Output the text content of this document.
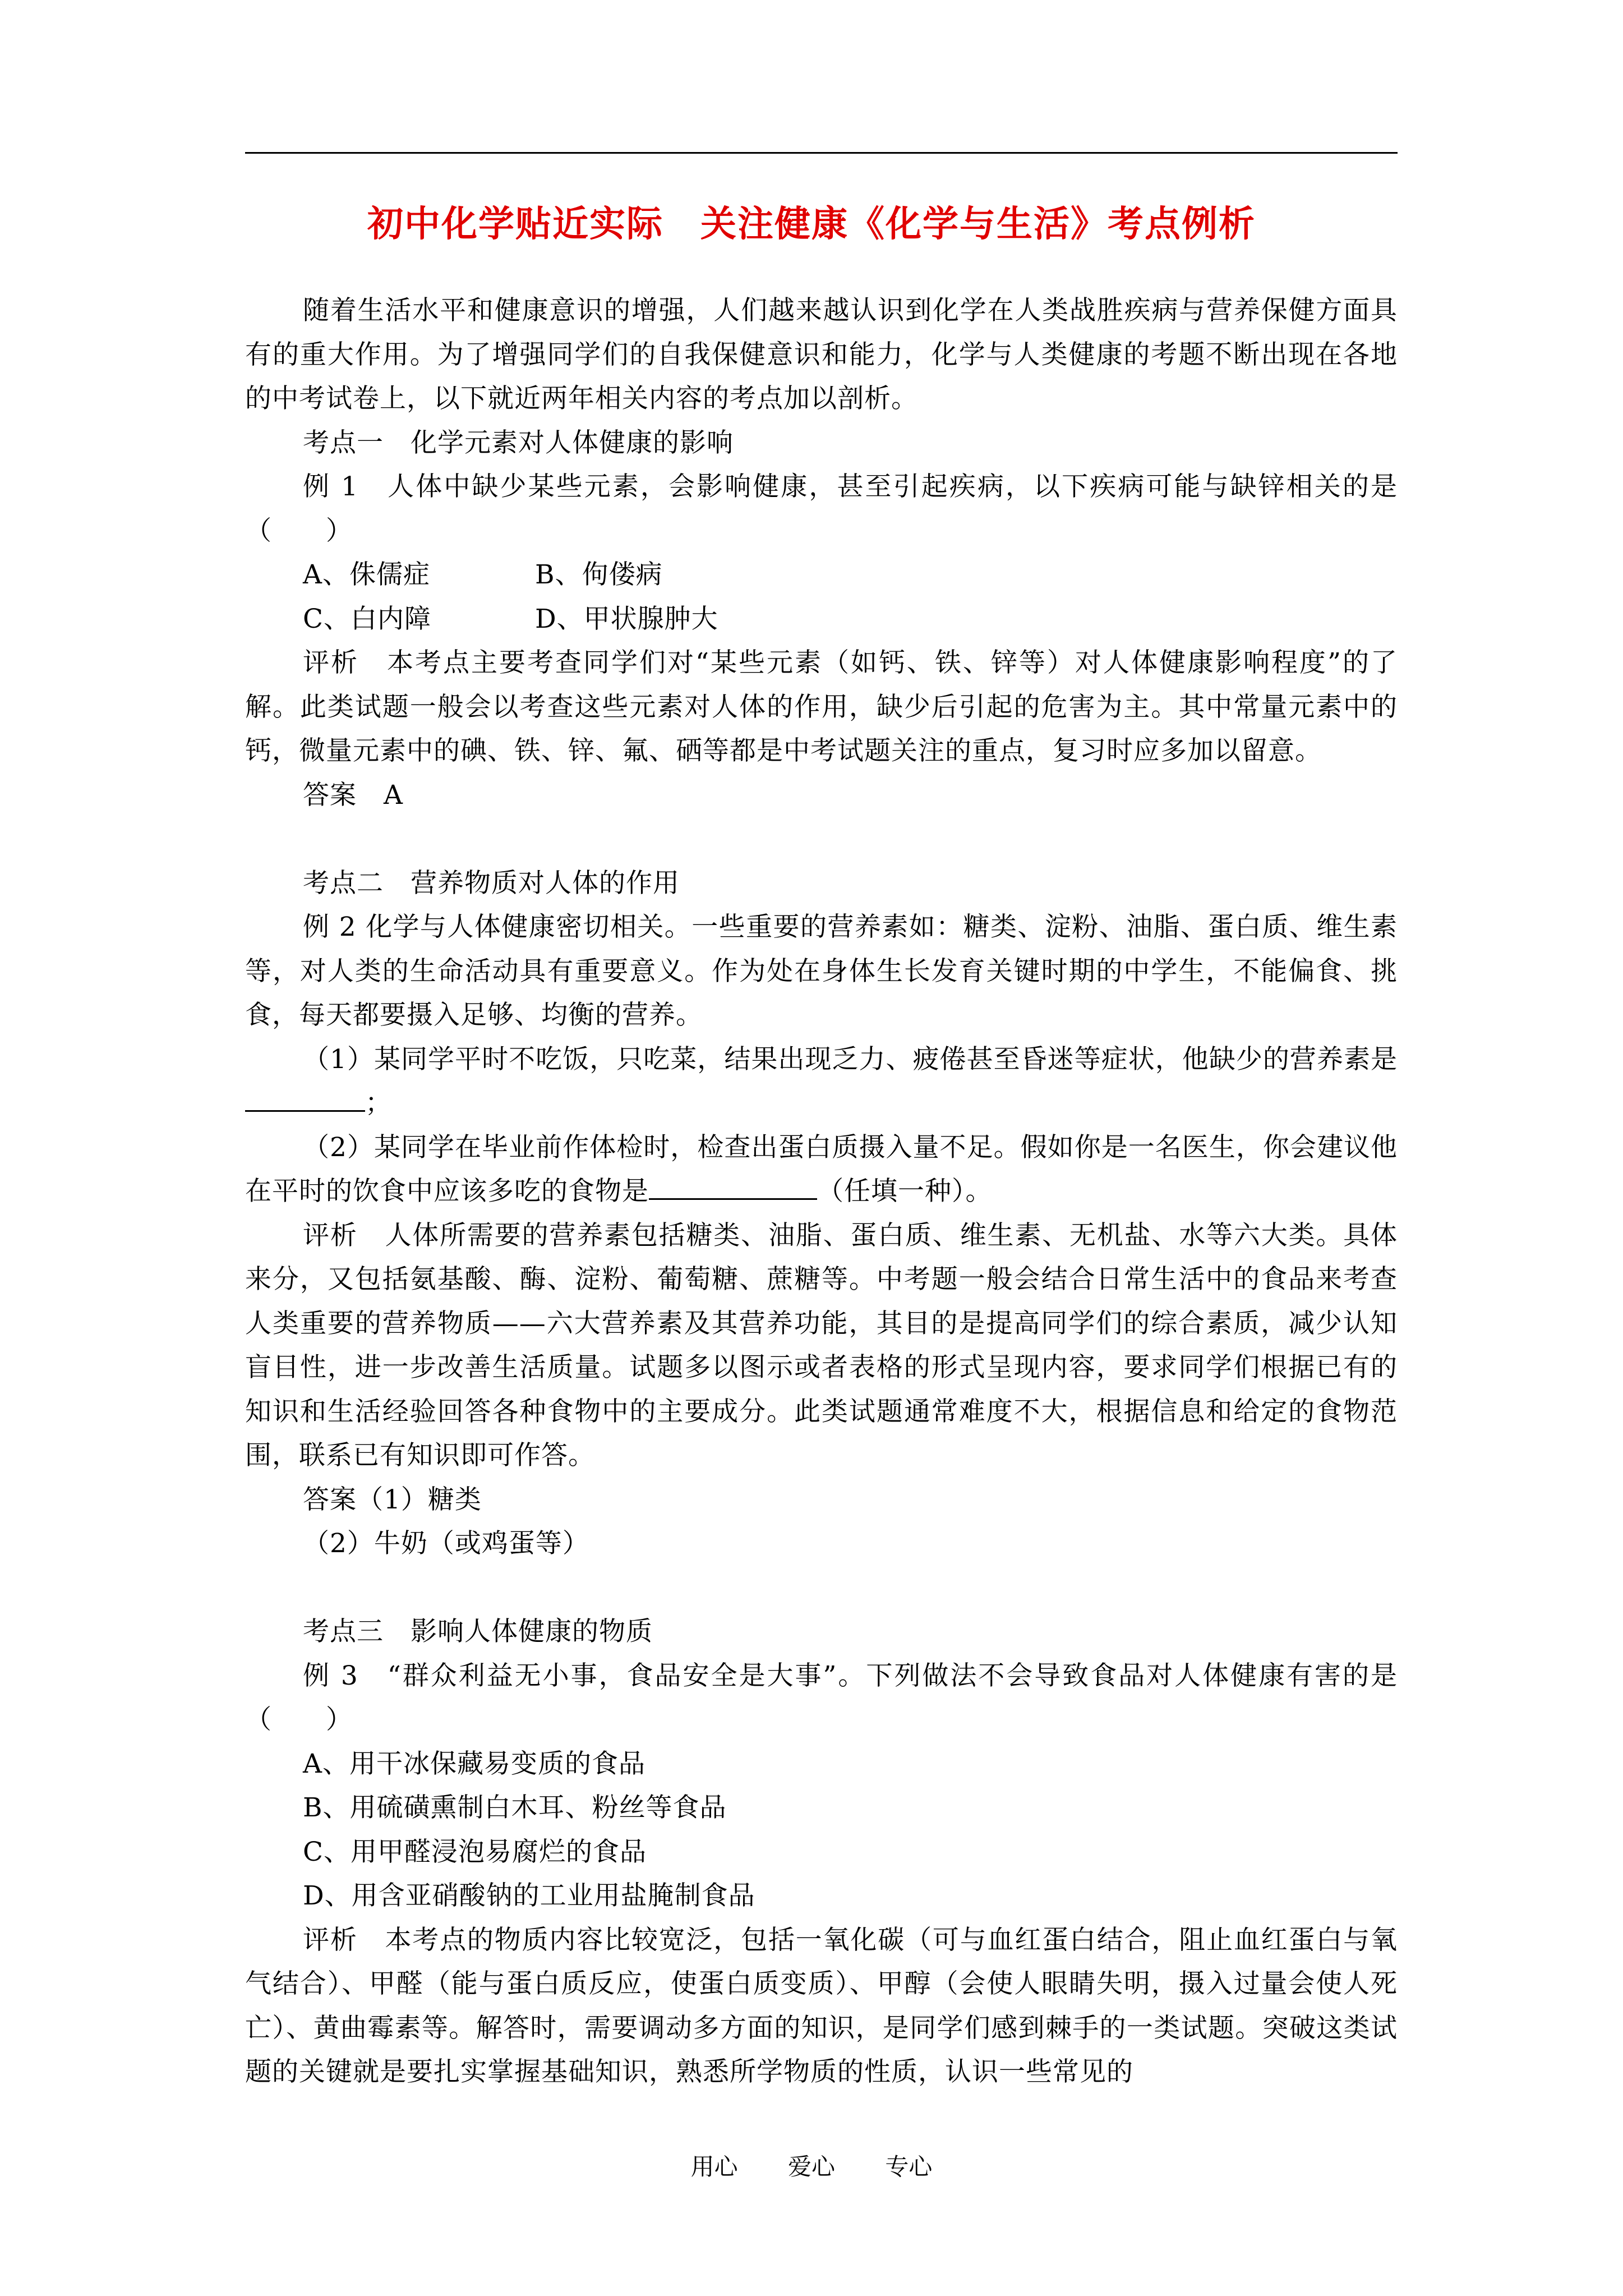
初中化学贴近实际　关注健康《化学与生活》考点例析

随着生活水平和健康意识的增强，人们越来越认识到化学在人类战胜疾病与营养保健方面具有的重大作用。为了增强同学们的自我保健意识和能力，化学与人类健康的考题不断出现在各地的中考试卷上，以下就近两年相关内容的考点加以剖析。

考点一　化学元素对人体健康的影响

例 1　人体中缺少某些元素，会影响健康，甚至引起疾病，以下疾病可能与缺锌相关的是（　　）

A、侏儒症	B、佝偻病

C、白内障	D、甲状腺肿大

评析　本考点主要考查同学们对“某些元素（如钙、铁、锌等）对人体健康影响程度”的了解。此类试题一般会以考查这些元素对人体的作用，缺少后引起的危害为主。其中常量元素中的钙，微量元素中的碘、铁、锌、氟、硒等都是中考试题关注的重点，复习时应多加以留意。

答案　A

考点二　营养物质对人体的作用

例 2 化学与人体健康密切相关。一些重要的营养素如：糖类、淀粉、油脂、蛋白质、维生素等，对人类的生命活动具有重要意义。作为处在身体生长发育关键时期的中学生，不能偏食、挑食，每天都要摄入足够、均衡的营养。

（1）某同学平时不吃饭，只吃菜，结果出现乏力、疲倦甚至昏迷等症状，他缺少的营养素是；

（2）某同学在毕业前作体检时，检查出蛋白质摄入量不足。假如你是一名医生，你会建议他在平时的饮食中应该多吃的食物是	（任填一种）。

评析　人体所需要的营养素包括糖类、油脂、蛋白质、维生素、无机盐、水等六大类。具体来分，又包括氨基酸、酶、淀粉、葡萄糖、蔗糖等。中考题一般会结合日常生活中的食品来考查人类重要的营养物质——六大营养素及其营养功能，其目的是提高同学们的综合素质，减少认知盲目性，进一步改善生活质量。试题多以图示或者表格的形式呈现内容，要求同学们根据已有的知识和生活经验回答各种食物中的主要成分。此类试题通常难度不大，根据信息和给定的食物范围，联系已有知识即可作答。

答案（1）糖类

（2）牛奶（或鸡蛋等）

考点三　影响人体健康的物质

例 3　“群众利益无小事，食品安全是大事”。下列做法不会导致食品对人体健康有害的是（　　）

A、用干冰保藏易变质的食品

B、用硫磺熏制白木耳、粉丝等食品

C、用甲醛浸泡易腐烂的食品

D、用含亚硝酸钠的工业用盐腌制食品

评析　本考点的物质内容比较宽泛，包括一氧化碳（可与血红蛋白结合，阻止血红蛋白与氧气结合）、甲醛（能与蛋白质反应，使蛋白质变质）、甲醇（会使人眼睛失明，摄入过量会使人死亡）、黄曲霉素等。解答时，需要调动多方面的知识，是同学们感到棘手的一类试题。突破这类试题的关键就是要扎实掌握基础知识，熟悉所学物质的性质，认识一些常见的

用心 爱心 专心
